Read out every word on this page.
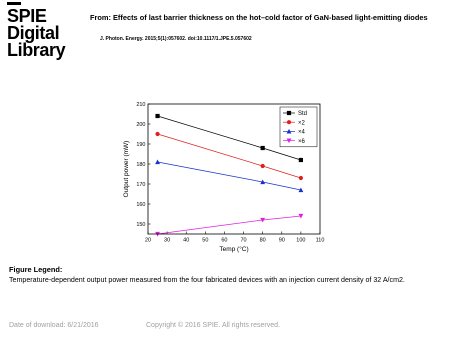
SPIE
Digital
Library
From: Effects of last barrier thickness on the hot–cold factor of GaN-based light-emitting diodes
J. Photon. Energy. 2015;5(1):057602. doi:10.1117/1.JPE.5.057602
20 30 40 50 60 70 80 90 100 110
150
160
170
180
190
200
210
Std
×2
×4
×6
Temp (°C)
Output power (mW)
Figure Legend:
Temperature-dependent output power measured from the four fabricated devices with an injection current density of 32 A/cm2.
Date of download: 6/21/2016	Copyright © 2016 SPIE. All rights reserved.
